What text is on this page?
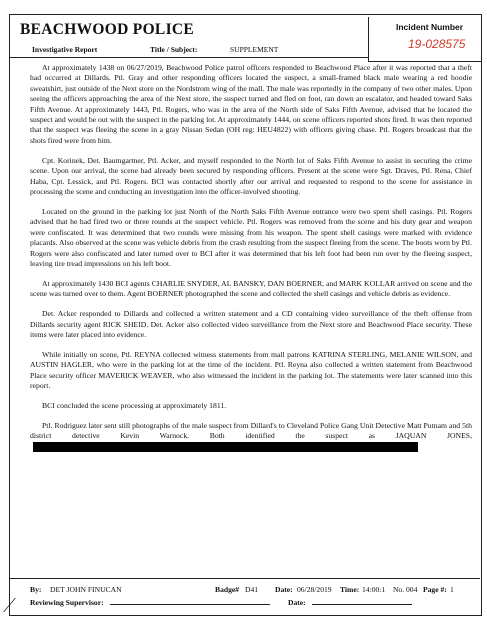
BEACHWOOD POLICE	Incident Number
19-028575
Investigative Report	Title / Subject:	SUPPLEMENT

At approximately 1438 on 06/27/2019, Beachwood Police patrol officers responded to Beachwood Place after it was reported that a theft had occurred at Dillards. Ptl. Gray and other responding officers located the suspect, a small-framed black male wearing a red hoodie sweatshirt, just outside of the Next store on the Nordstrom wing of the mall. The male was reportedly in the company of two other males. Upon seeing the officers approaching the area of the Next store, the suspect turned and fled on foot, ran down an escalator, and headed toward Saks Fifth Avenue. At approximately 1443, Ptl. Rogers, who was in the area of the North side of Saks Fifth Avenue, advised that he located the suspect and would be out with the suspect in the parking lot. At approximately 1444, on scene officers reported shots fired. It was then reported that the suspect was fleeing the scene in a gray Nissan Sedan (OH reg: HEU4822) with officers giving chase. Ptl. Rogers broadcast that the shots fired were from him.

Cpt. Korinek, Det. Baumgartner, Ptl. Acker, and myself responded to the North lot of Saks Fifth Avenue to assist in securing the crime scene. Upon our arrival, the scene had already been secured by responding officers. Present at the scene were Sgt. Draves, Ptl. Rena, Chief Haba, Cpt. Lessick, and Ptl. Rogers. BCI was contacted shortly after our arrival and requested to respond to the scene for assistance in processing the scene and conducting an investigation into the officer-involved shooting.

Located on the ground in the parking lot just North of the North Saks Fifth Avenue entrance were two spent shell casings. Ptl. Rogers advised that he had fired two or three rounds at the suspect vehicle. Ptl. Rogers was removed from the scene and his duty gear and weapon were confiscated. It was determined that two rounds were missing from his weapon. The spent shell casings were marked with evidence placards. Also observed at the scene was vehicle debris from the crash resulting from the suspect fleeing from the scene. The boots worn by Ptl. Rogers were also confiscated and later turned over to BCI after it was determined that his left foot had been run over by the fleeing suspect, leaving tire tread impressions on his left boot.

At approximately 1430 BCI agents CHARLIE SNYDER, AL BANSKY, DAN BOERNER, and MARK KOLLAR arrived on scene and the scene was turned over to them. Agent BOERNER photographed the scene and collected the shell casings and vehicle debris as evidence.

Det. Acker responded to Dillards and collected a written statement and a CD containing video surveillance of the theft offense from Dillards security agent RICK SHEID. Det. Acker also collected video surveillance from the Next store and Beachwood Place security. These items were later placed into evidence.

While initially on scene, Ptl. REYNA collected witness statements from mall patrons KATRINA STERLING, MELANIE WILSON, and AUSTIN HAGLER, who were in the parking lot at the time of the incident. Ptl. Reyna also collected a written statement from Beachwood Place security officer MAVERICK WEAVER, who also witnessed the incident in the parking lot. The statements were later scanned into this report.

BCI concluded the scene processing at approximately 1811.

Ptl. Rodriguez later sent still photographs of the male suspect from Dillard's to Cleveland Police Gang Unit Detective Matt Putnam and 5th district detective Kevin Warnock. Both identified the suspect as JAQUAN JONES,

By: DET JOHN FINUCAN	Badge# D41 Date: 06/28/2019 Time: 14:00:1 No. 004 Page #: 1
Reviewing Supervisor:	Date:
